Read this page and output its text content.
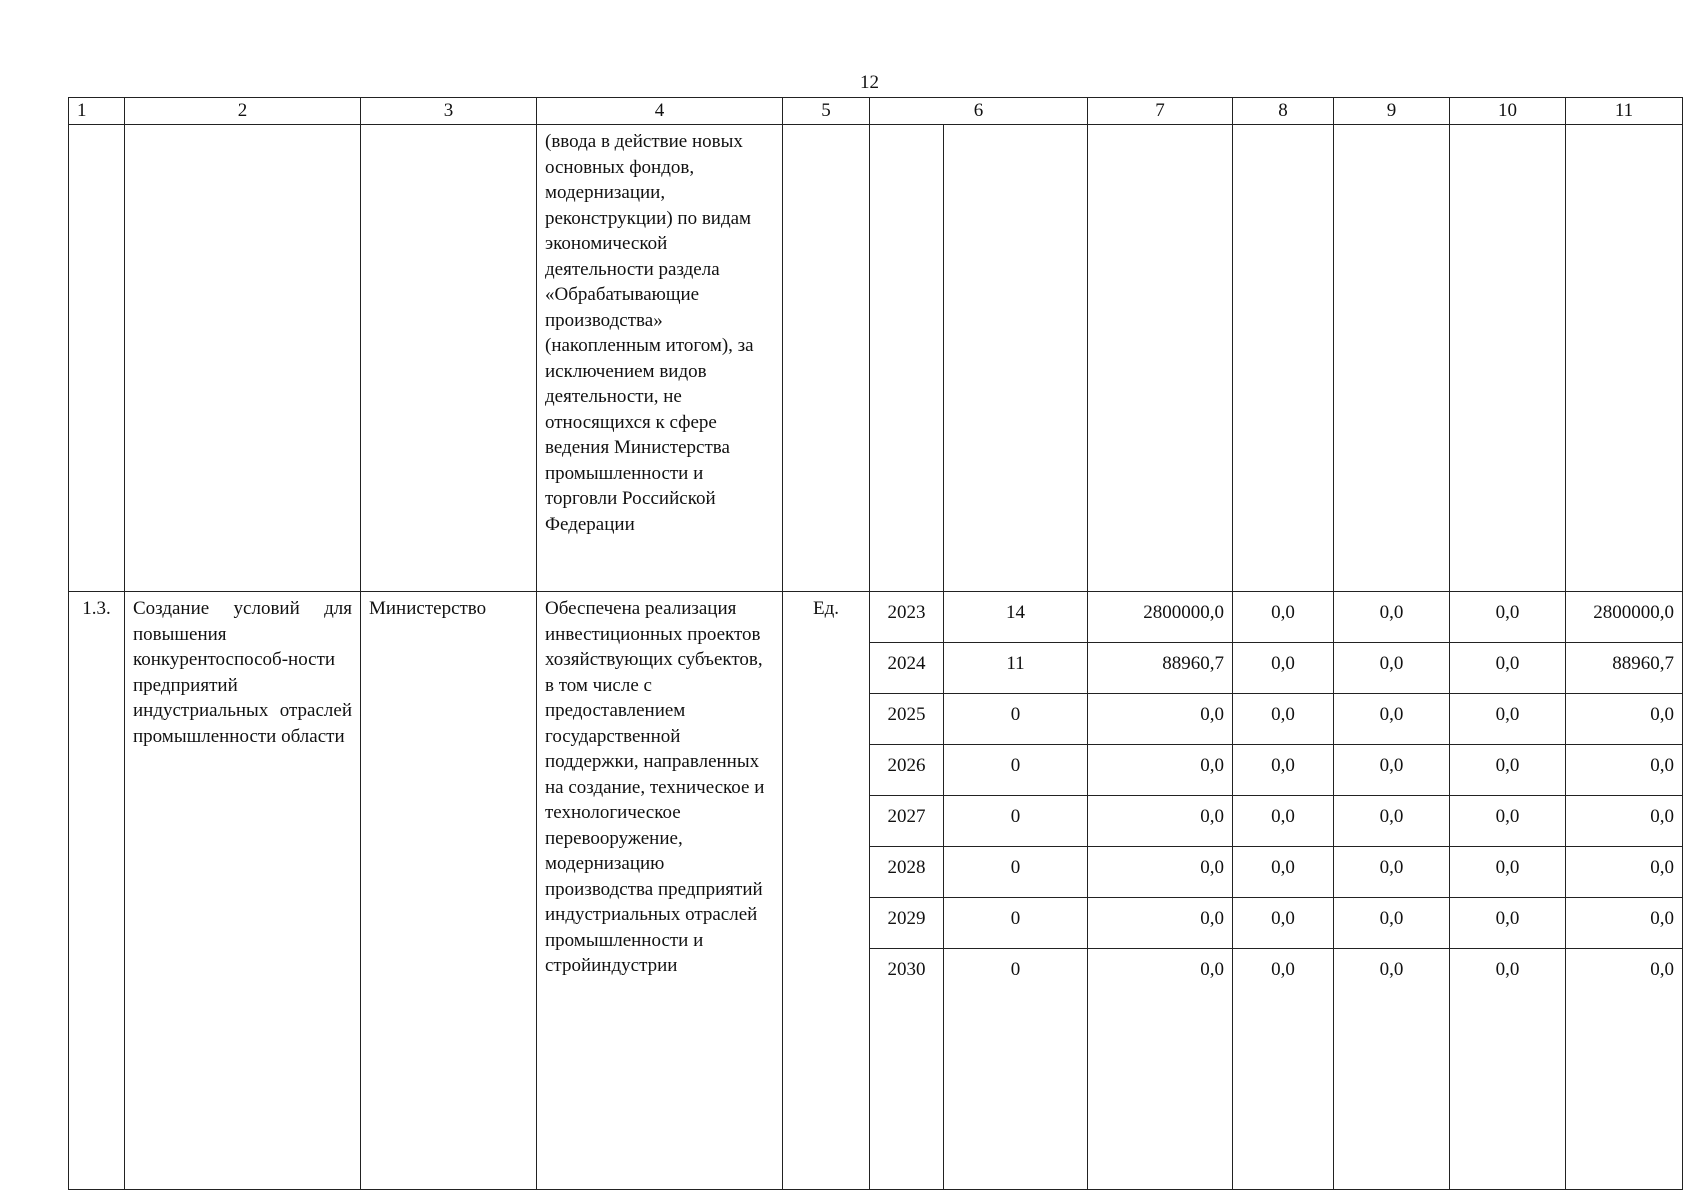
12
1	2	3	4	5	6		7	8	9	10	11
			(ввода в действие новых основных фондов, модернизации, реконструкции) по видам экономической деятельности раздела «Обрабатывающие производства» (накопленным итогом), за исключением видов деятельности, не относящихся к сфере ведения Министерства промышленности и торговли Российской Федерации								
1.3.	Создание условий для повышения конкурентоспособ-ности предприятий индустриальных отраслей промышленности области	Министерство	Обеспечена реализация инвестиционных проектов хозяйствующих субъектов, в том числе с предоставлением государственной поддержки, направленных на создание, техническое и технологическое перевооружение, модернизацию производства предприятий индустриальных отраслей промышленности и стройиндустрии	Ед.	2023	14	2800000,0	0,0	0,0	0,0	2800000,0
					2024	11	88960,7	0,0	0,0	0,0	88960,7
					2025	0	0,0	0,0	0,0	0,0	0,0
					2026	0	0,0	0,0	0,0	0,0	0,0
					2027	0	0,0	0,0	0,0	0,0	0,0
					2028	0	0,0	0,0	0,0	0,0	0,0
					2029	0	0,0	0,0	0,0	0,0	0,0
					2030	0	0,0	0,0	0,0	0,0	0,0
